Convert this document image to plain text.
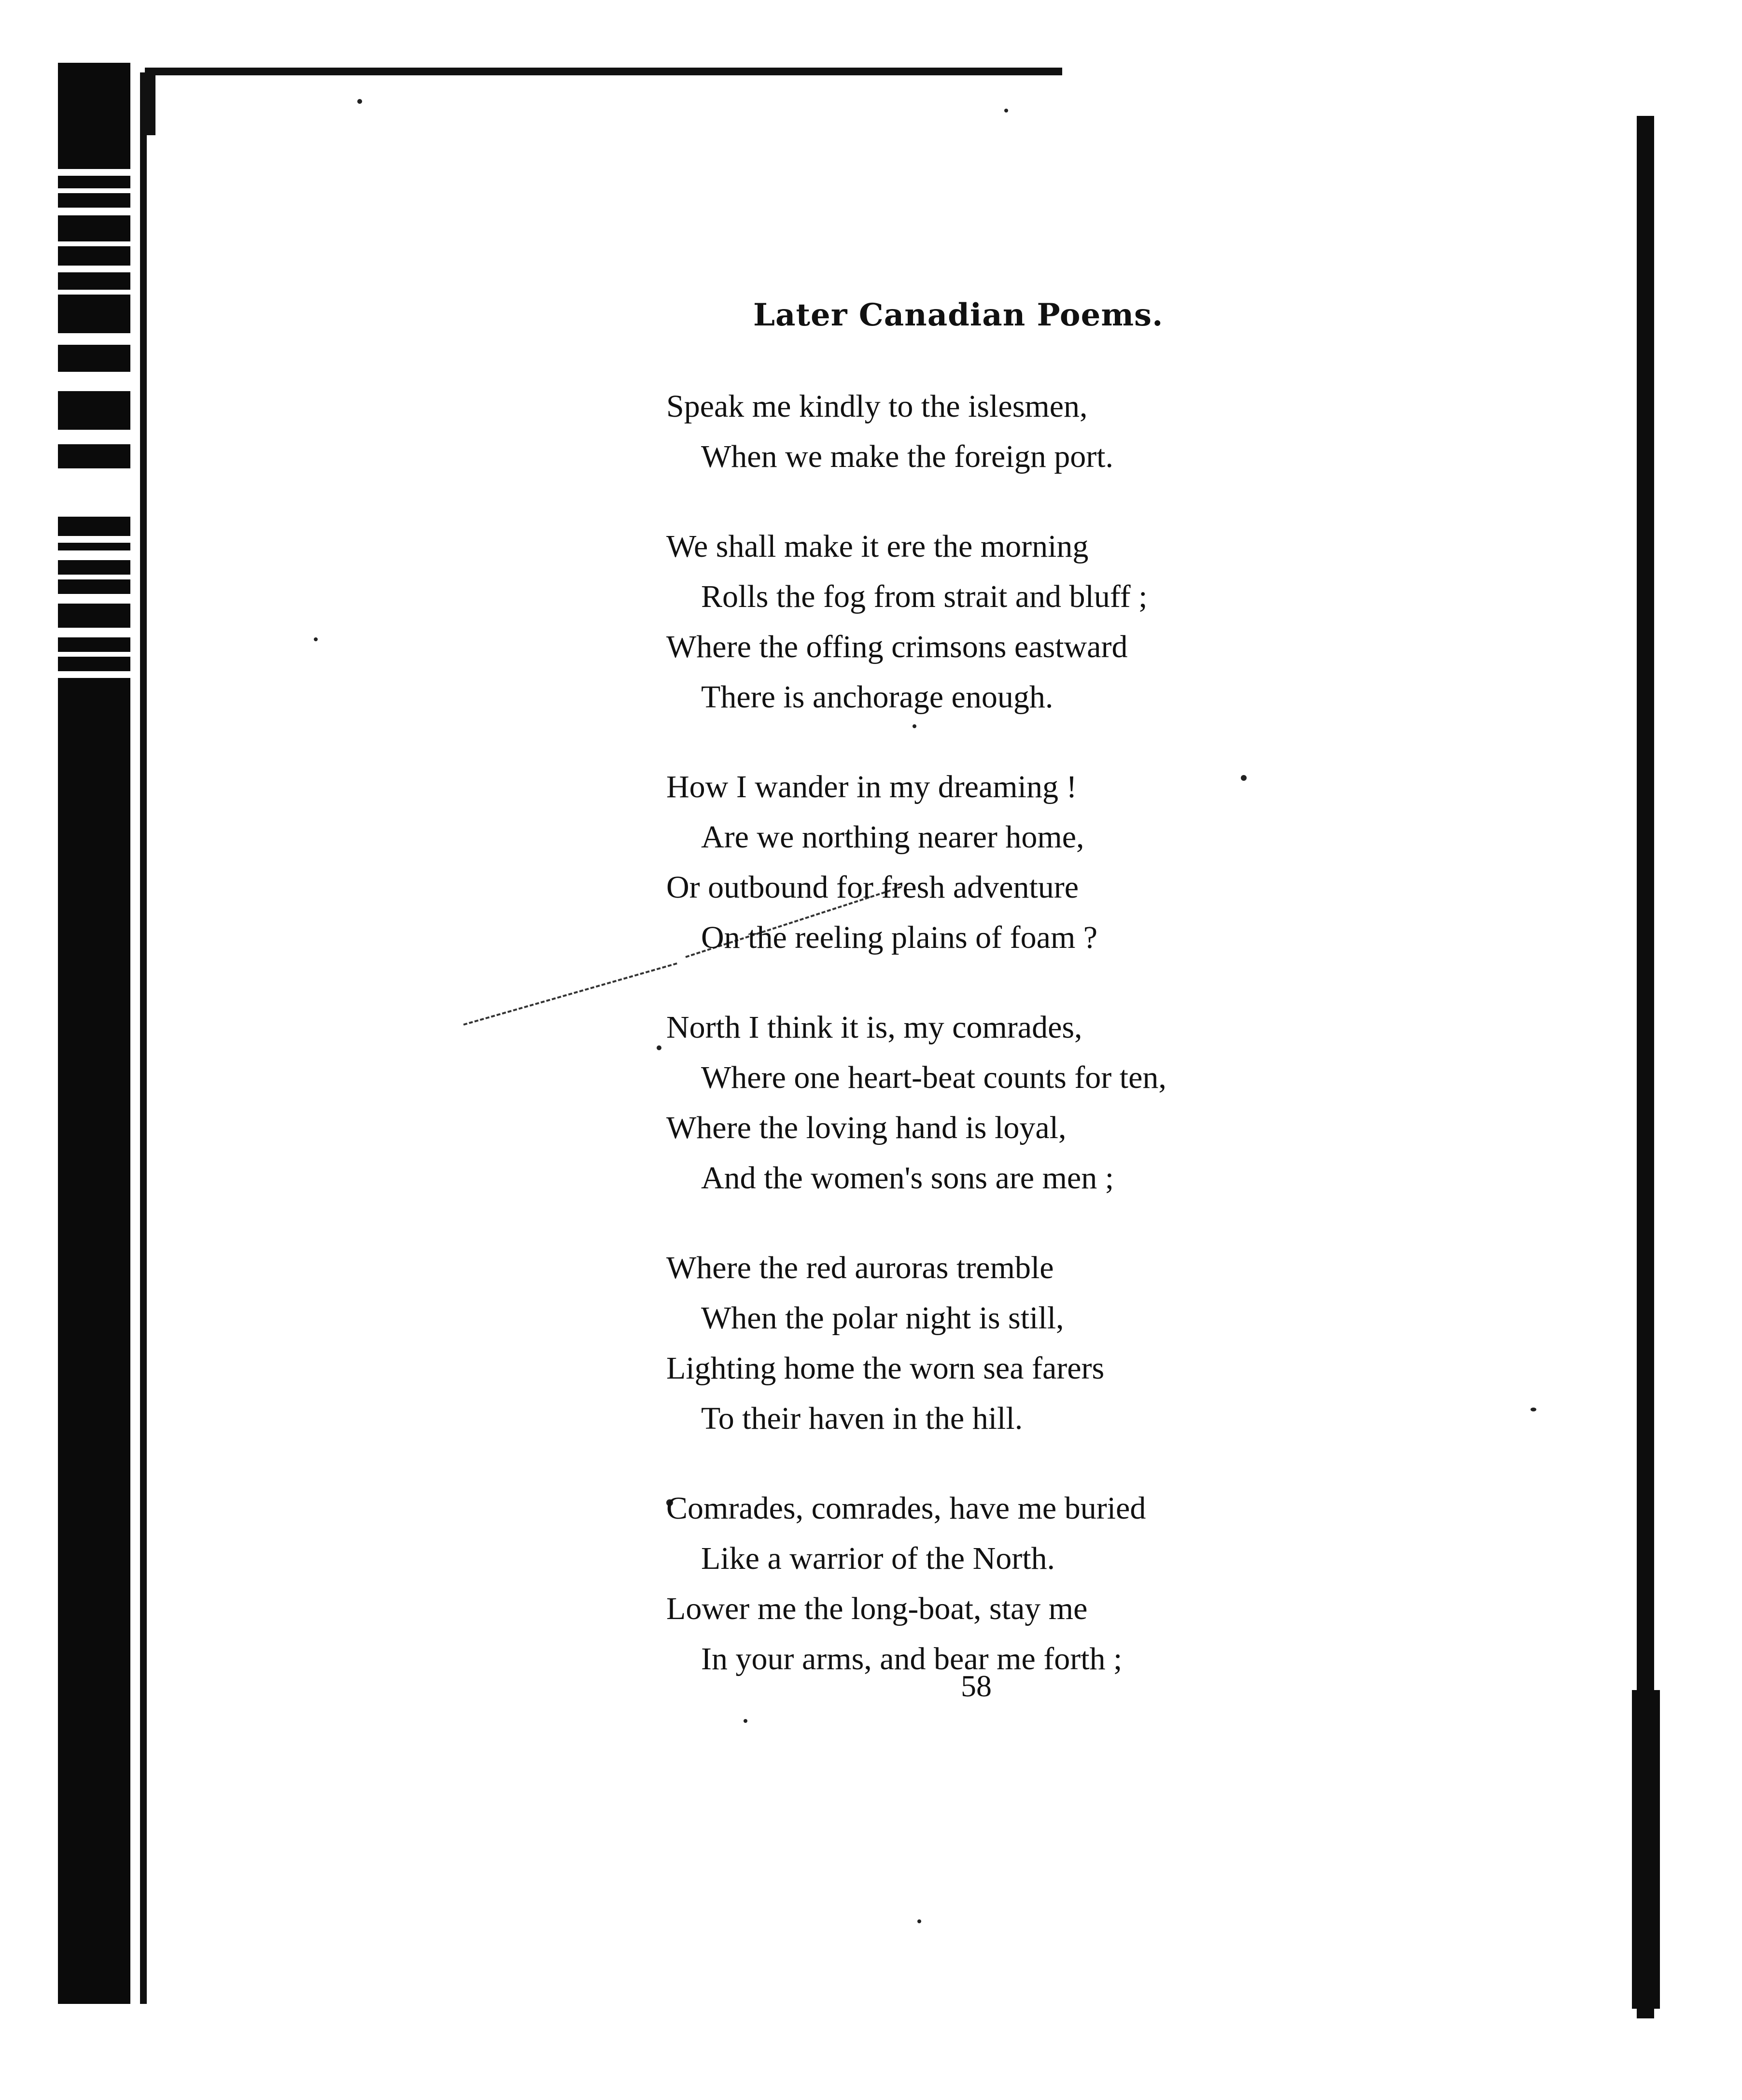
Later Canadian Poems.
Speak me kindly to the islesmen,
When we make the foreign port.
We shall make it ere the morning
Rolls the fog from strait and bluff ;
Where the offing crimsons eastward
There is anchorage enough.
How I wander in my dreaming !
Are we northing nearer home,
Or outbound for fresh adventure
On the reeling plains of foam ?
North I think it is, my comrades,
Where one heart-beat counts for ten,
Where the loving hand is loyal,
And the women's sons are men ;
Where the red auroras tremble
When the polar night is still,
Lighting home the worn sea farers
To their haven in the hill.
Comrades, comrades, have me buried
Like a warrior of the North.
Lower me the long-boat, stay me
In your arms, and bear me forth ;
58
